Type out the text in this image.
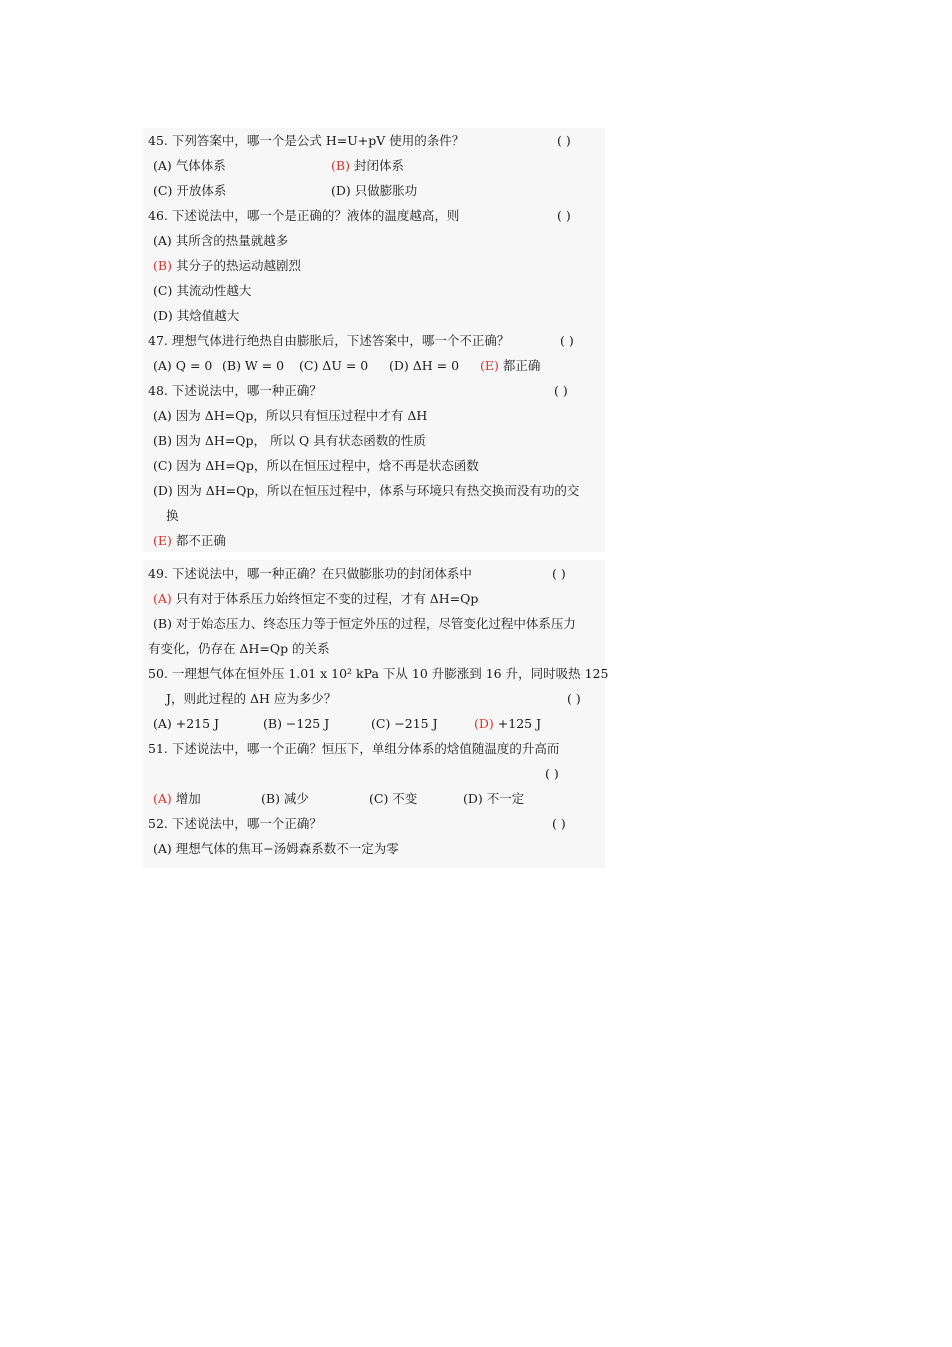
45. 下列答案中，哪一个是公式 H=U+pV 使用的条件？	( )
(A) 气体体系	(B) 封闭体系
(C) 开放体系	(D) 只做膨胀功
46. 下述说法中，哪一个是正确的？液体的温度越高，则	( )
(A) 其所含的热量就越多
(B) 其分子的热运动越剧烈
(C) 其流动性越大
(D) 其焓值越大
47. 理想气体进行绝热自由膨胀后，下述答案中，哪一个不正确？	( )
(A) Q = 0 (B) W = 0 (C) ΔU = 0 (D) ΔH = 0 (E) 都正确
48. 下述说法中，哪一种正确？	( )
(A) 因为 ΔH=Qp，所以只有恒压过程中才有 ΔH
(B) 因为 ΔH=Qp， 所以 Q 具有状态函数的性质
(C) 因为 ΔH=Qp，所以在恒压过程中，焓不再是状态函数
(D) 因为 ΔH=Qp，所以在恒压过程中，体系与环境只有热交换而没有功的交
换
(E) 都不正确
49. 下述说法中，哪一种正确？在只做膨胀功的封闭体系中	( )
(A) 只有对于体系压力始终恒定不变的过程，才有 ΔH=Qp
(B) 对于始态压力、终态压力等于恒定外压的过程，尽管变化过程中体系压力
有变化，仍存在 ΔH=Qp 的关系
50. 一理想气体在恒外压 1.01 x 10² kPa 下从 10 升膨涨到 16 升，同时吸热 125
J，则此过程的 ΔH 应为多少？	( )
(A) +215 J	(B) −125 J	(C) −215 J	(D) +125 J
51. 下述说法中，哪一个正确？恒压下，单组分体系的焓值随温度的升高而
( )
(A) 增加	(B) 减少	(C) 不变	(D) 不一定
52. 下述说法中，哪一个正确？	( )
(A) 理想气体的焦耳−汤姆森系数不一定为零
